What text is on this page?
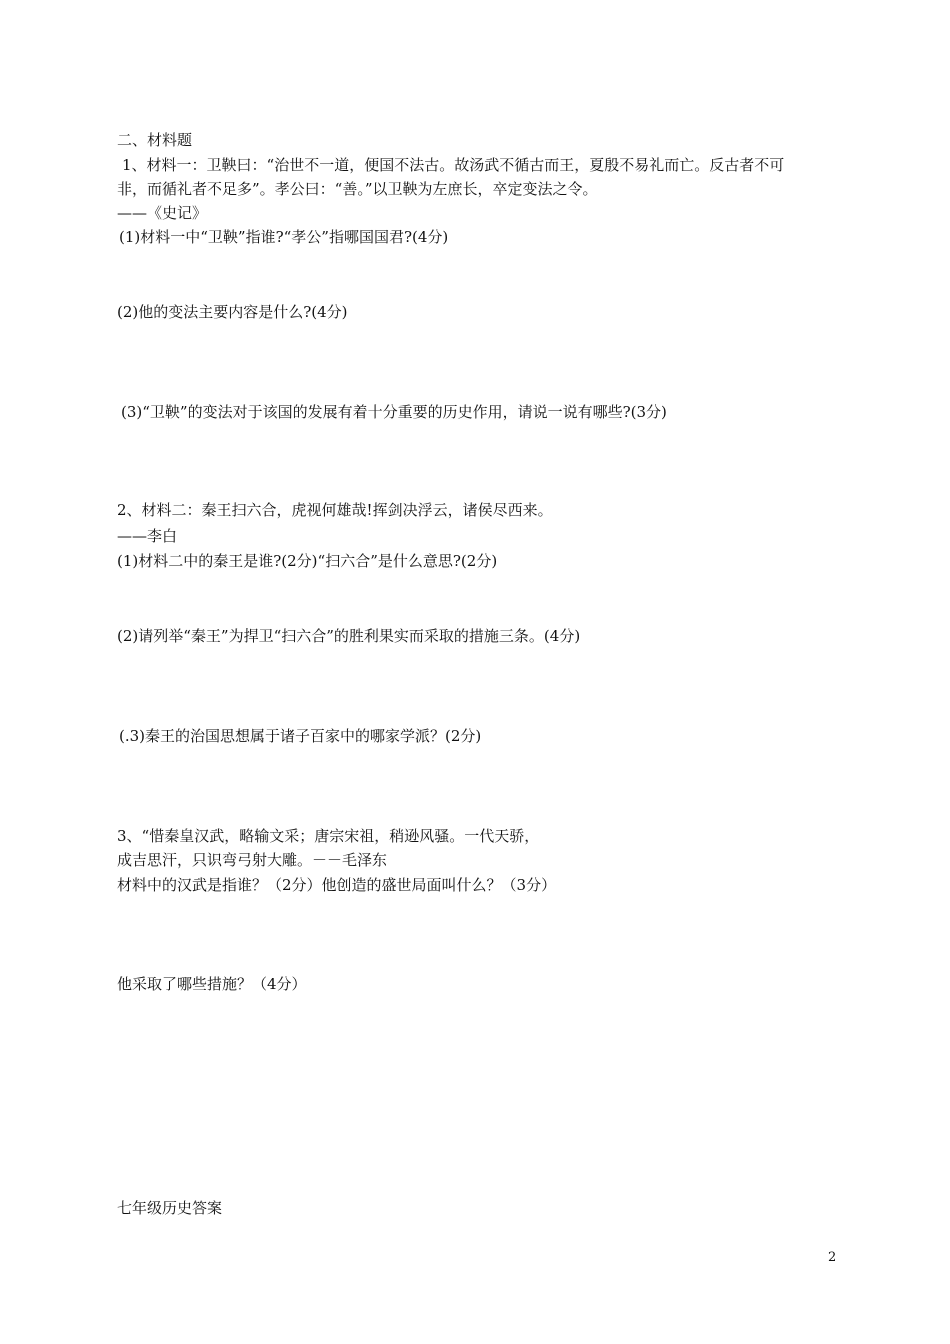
二、材料题
1、材料一：卫鞅曰：“治世不一道，便国不法古。故汤武不循古而王，夏殷不易礼而亡。反古者不可
非，而循礼者不足多”。孝公曰：“善。”以卫鞅为左庶长，卒定变法之令。
——《史记》
(1)材料一中“卫鞅”指谁?“孝公”指哪国国君?(4分)
(2)他的变法主要内容是什么?(4分)
(3)“卫鞅”的变法对于该国的发展有着十分重要的历史作用，请说一说有哪些?(3分)
2、材料二：秦王扫六合，虎视何雄哉!挥剑决浮云，诸侯尽西来。
——李白
(1)材料二中的秦王是谁?(2分)“扫六合”是什么意思?(2分)
(2)请列举“秦王”为捍卫“扫六合”的胜利果实而采取的措施三条。(4分)
(.3)秦王的治国思想属于诸子百家中的哪家学派？(2分)
3、“惜秦皇汉武，略输文采；唐宗宋祖，稍逊风骚。一代天骄，
成吉思汗，只识弯弓射大雕。－－毛泽东
材料中的汉武是指谁？（2分）他创造的盛世局面叫什么？（3分）
他采取了哪些措施？（4分）
七年级历史答案
2
